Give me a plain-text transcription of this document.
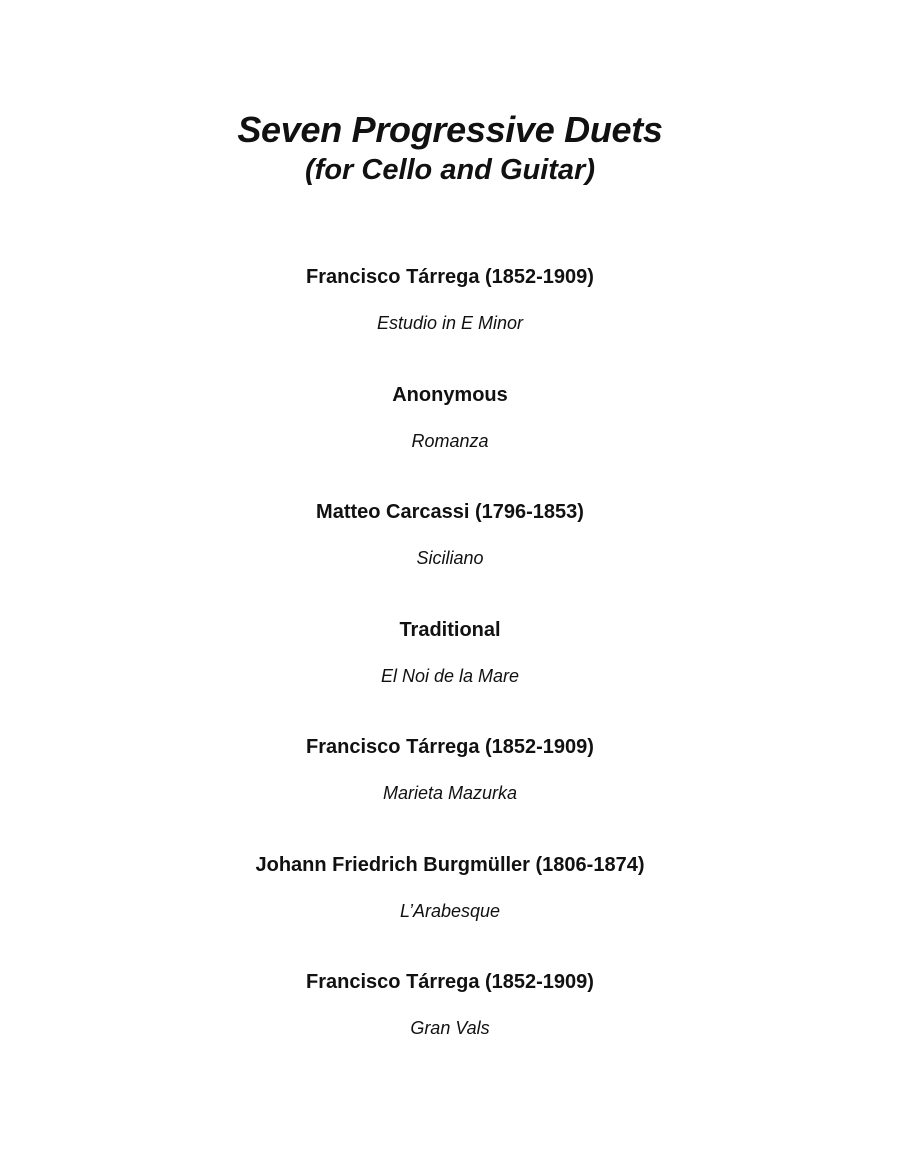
Seven Progressive Duets
(for Cello and Guitar)
Francisco Tárrega (1852-1909)
Estudio in E Minor
Anonymous
Romanza
Matteo Carcassi (1796-1853)
Siciliano
Traditional
El Noi de la Mare
Francisco Tárrega (1852-1909)
Marieta Mazurka
Johann Friedrich Burgmüller (1806-1874)
L’Arabesque
Francisco Tárrega (1852-1909)
Gran Vals
